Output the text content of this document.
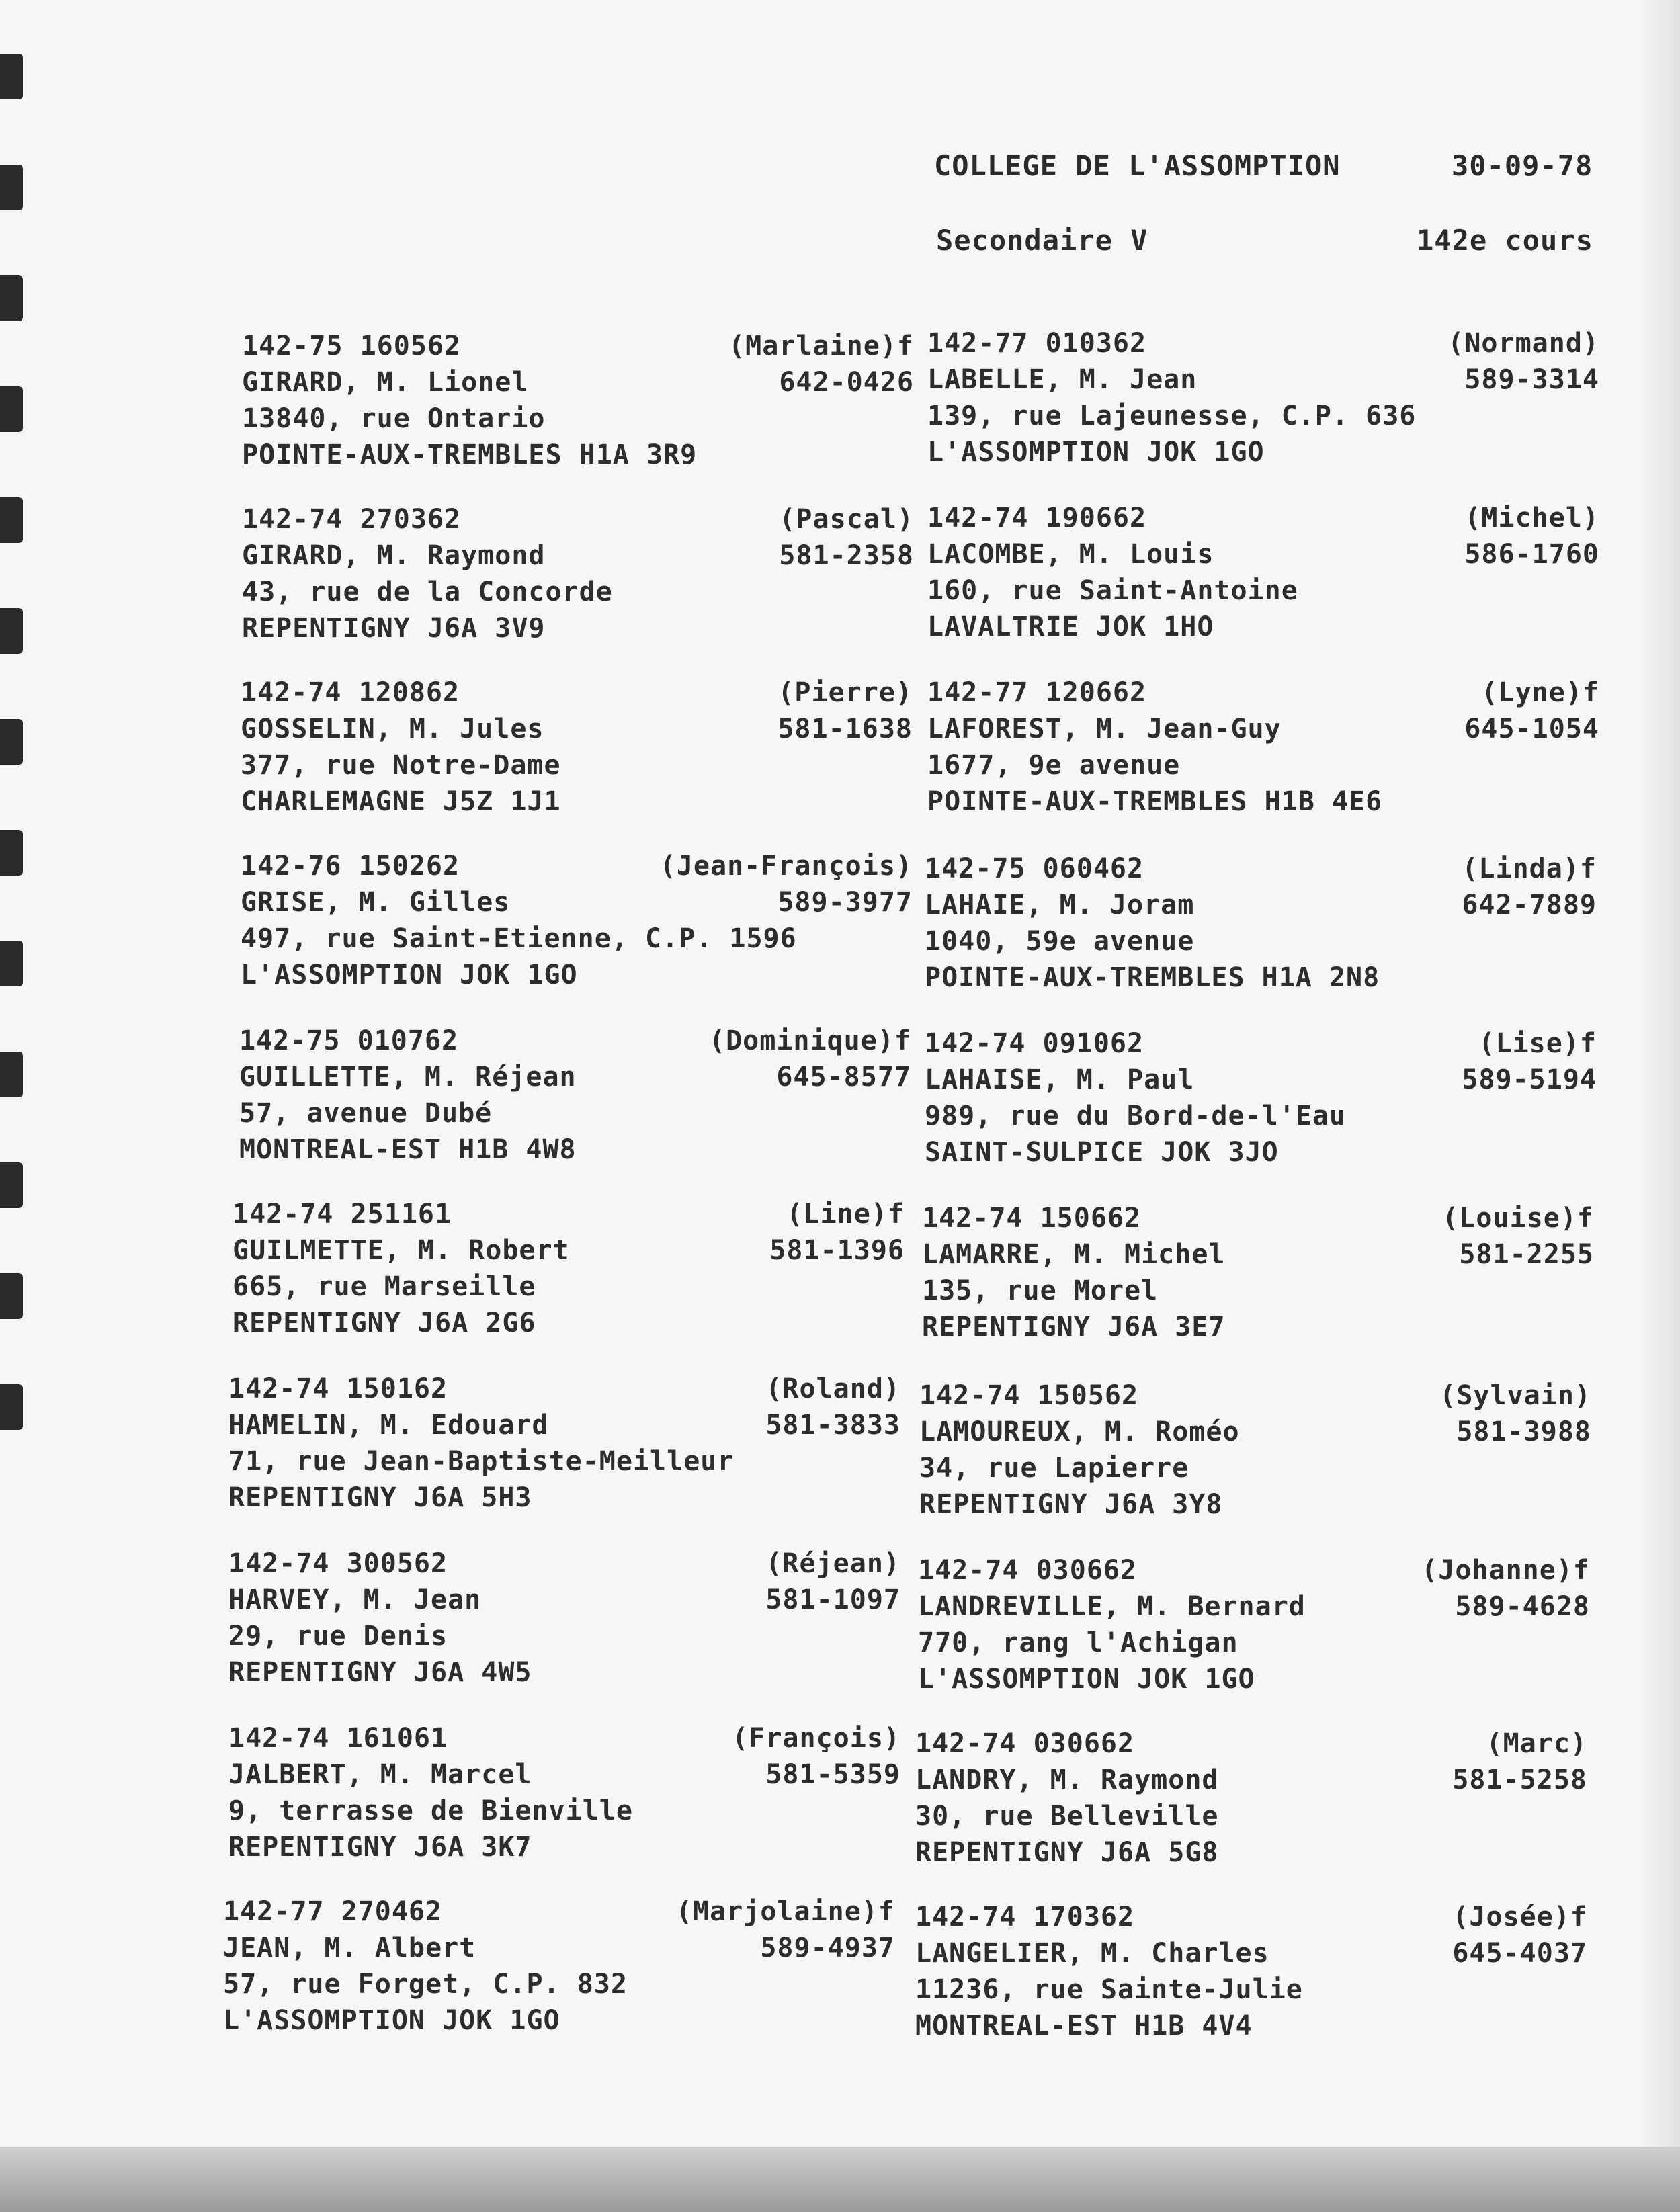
COLLEGE DE L'ASSOMPTION	30-09-78
Secondaire V	142e cours
142-75 160562
GIRARD, M. Lionel
13840, rue Ontario
POINTE-AUX-TREMBLES H1A 3R9
(Marlaine)f
642-0426
142-74 270362
GIRARD, M. Raymond
43, rue de la Concorde
REPENTIGNY J6A 3V9
(Pascal)
581-2358
142-74 120862
GOSSELIN, M. Jules
377, rue Notre-Dame
CHARLEMAGNE J5Z 1J1
(Pierre)
581-1638
142-76 150262
GRISE, M. Gilles
497, rue Saint-Etienne, C.P. 1596
L'ASSOMPTION JOK 1GO
(Jean-François)
589-3977
142-75 010762
GUILLETTE, M. Réjean
57, avenue Dubé
MONTREAL-EST H1B 4W8
(Dominique)f
645-8577
142-74 251161
GUILMETTE, M. Robert
665, rue Marseille
REPENTIGNY J6A 2G6
(Line)f
581-1396
142-74 150162
HAMELIN, M. Edouard
71, rue Jean-Baptiste-Meilleur
REPENTIGNY J6A 5H3
(Roland)
581-3833
142-74 300562
HARVEY, M. Jean
29, rue Denis
REPENTIGNY J6A 4W5
(Réjean)
581-1097
142-74 161061
JALBERT, M. Marcel
9, terrasse de Bienville
REPENTIGNY J6A 3K7
(François)
581-5359
142-77 270462
JEAN, M. Albert
57, rue Forget, C.P. 832
L'ASSOMPTION JOK 1GO
(Marjolaine)f
589-4937
142-77 010362
LABELLE, M. Jean
139, rue Lajeunesse, C.P. 636
L'ASSOMPTION JOK 1GO
(Normand)
589-3314
142-74 190662
LACOMBE, M. Louis
160, rue Saint-Antoine
LAVALTRIE JOK 1HO
(Michel)
586-1760
142-77 120662
LAFOREST, M. Jean-Guy
1677, 9e avenue
POINTE-AUX-TREMBLES H1B 4E6
(Lyne)f
645-1054
142-75 060462
LAHAIE, M. Joram
1040, 59e avenue
POINTE-AUX-TREMBLES H1A 2N8
(Linda)f
642-7889
142-74 091062
LAHAISE, M. Paul
989, rue du Bord-de-l'Eau
SAINT-SULPICE JOK 3JO
(Lise)f
589-5194
142-74 150662
LAMARRE, M. Michel
135, rue Morel
REPENTIGNY J6A 3E7
(Louise)f
581-2255
142-74 150562
LAMOUREUX, M. Roméo
34, rue Lapierre
REPENTIGNY J6A 3Y8
(Sylvain)
581-3988
142-74 030662
LANDREVILLE, M. Bernard
770, rang l'Achigan
L'ASSOMPTION JOK 1GO
(Johanne)f
589-4628
142-74 030662
LANDRY, M. Raymond
30, rue Belleville
REPENTIGNY J6A 5G8
(Marc)
581-5258
142-74 170362
LANGELIER, M. Charles
11236, rue Sainte-Julie
MONTREAL-EST H1B 4V4
(Josée)f
645-4037
